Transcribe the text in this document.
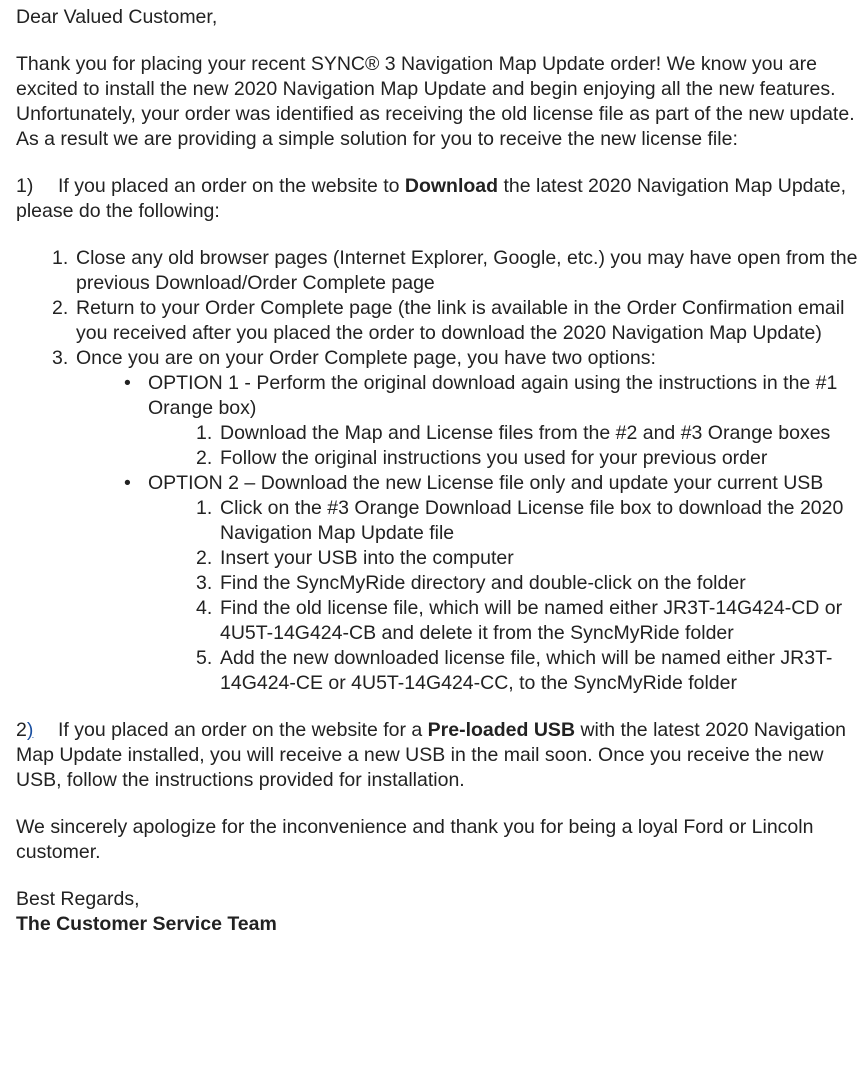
Dear Valued Customer,

Thank you for placing your recent SYNC® 3 Navigation Map Update order! We know you are excited to install the new 2020 Navigation Map Update and begin enjoying all the new features. Unfortunately, your order was identified as receiving the old license file as part of the new update. As a result we are providing a simple solution for you to receive the new license file:

1) If you placed an order on the website to Download the latest 2020 Navigation Map Update, please do the following:

1. Close any old browser pages (Internet Explorer, Google, etc.) you may have open from the previous Download/Order Complete page
2. Return to your Order Complete page (the link is available in the Order Confirmation email you received after you placed the order to download the 2020 Navigation Map Update)
3. Once you are on your Order Complete page, you have two options:
• OPTION 1 - Perform the original download again using the instructions in the #1 Orange box)
1. Download the Map and License files from the #2 and #3 Orange boxes
2. Follow the original instructions you used for your previous order
• OPTION 2 – Download the new License file only and update your current USB
1. Click on the #3 Orange Download License file box to download the 2020 Navigation Map Update file
2. Insert your USB into the computer
3. Find the SyncMyRide directory and double-click on the folder
4. Find the old license file, which will be named either JR3T-14G424-CD or 4U5T-14G424-CB and delete it from the SyncMyRide folder
5. Add the new downloaded license file, which will be named either JR3T-14G424-CE or 4U5T-14G424-CC, to the SyncMyRide folder

2) If you placed an order on the website for a Pre-loaded USB with the latest 2020 Navigation Map Update installed, you will receive a new USB in the mail soon. Once you receive the new USB, follow the instructions provided for installation.

We sincerely apologize for the inconvenience and thank you for being a loyal Ford or Lincoln customer.

Best Regards,

The Customer Service Team
